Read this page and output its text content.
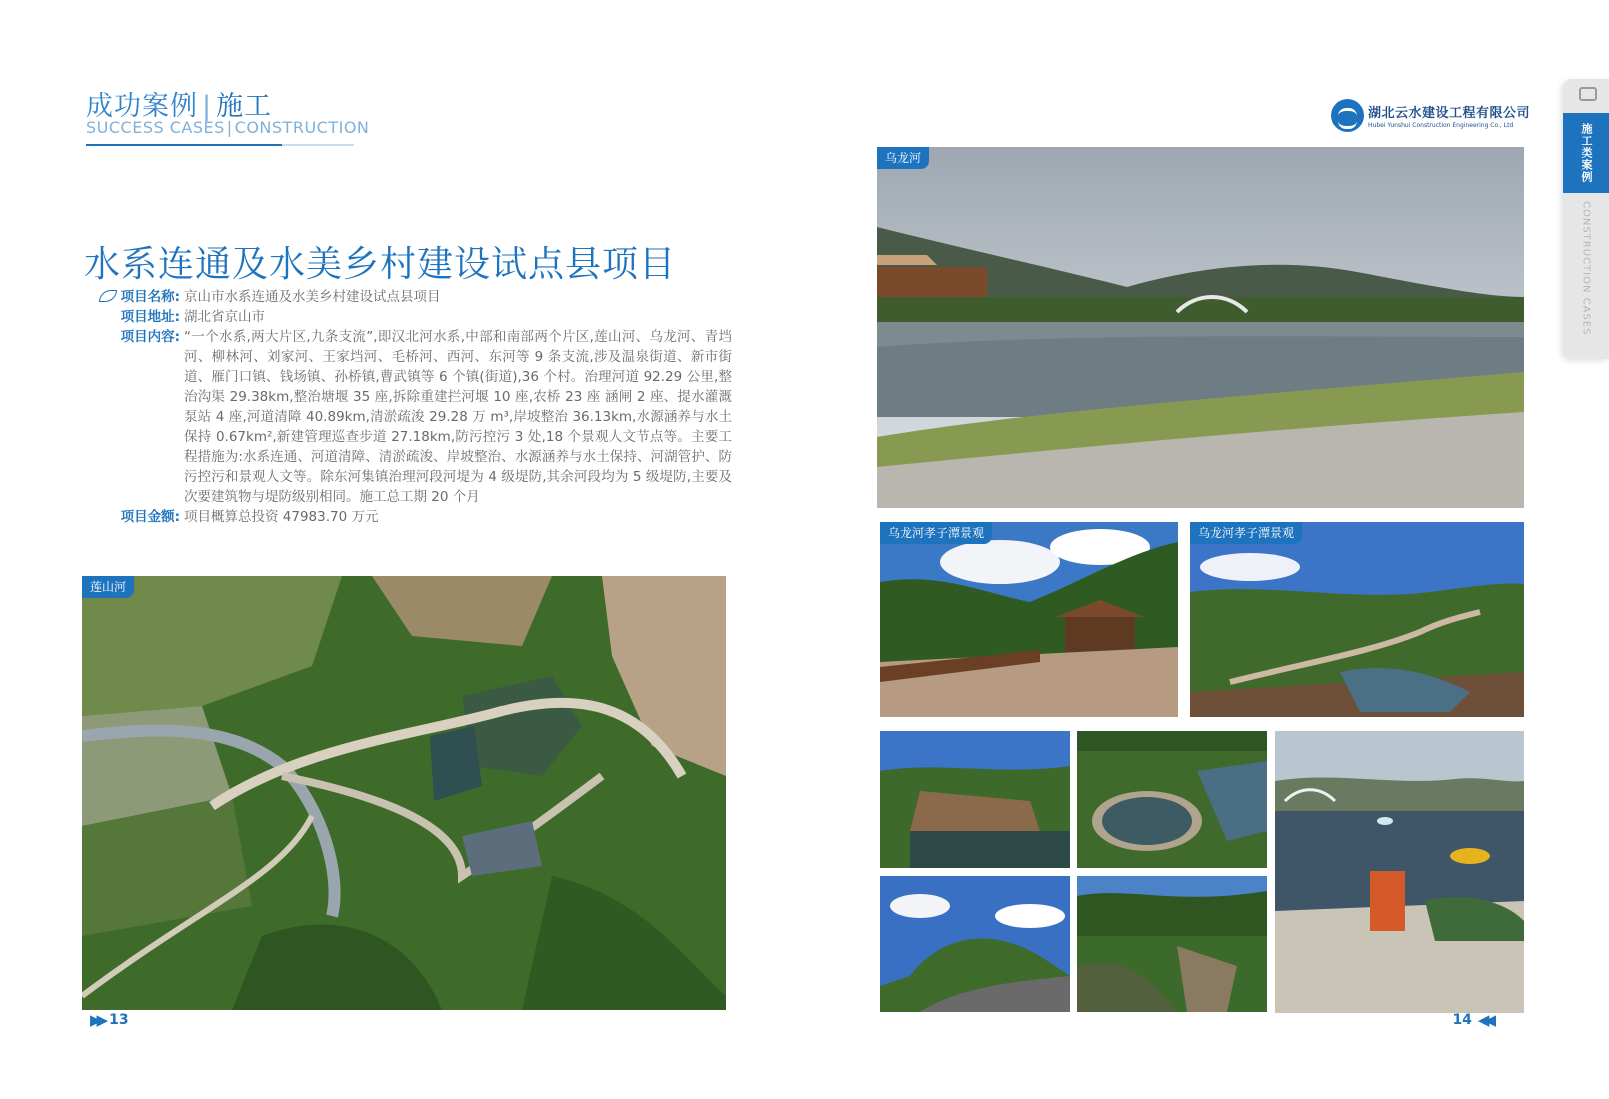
成功案例 | 施工
SUCCESS CASES | CONSTRUCTION
水系连通及水美乡村建设试点县项目
项目名称: 京山市水系连通及水美乡村建设试点县项目
项目地址: 湖北省京山市
项目内容: “一个水系,两大片区,九条支流”,即汉北河水系,中部和南部两个片区,莲山河、乌龙河、青垱河、柳林河、刘家河、王家垱河、毛桥河、西河、东河等 9 条支流,涉及温泉街道、新市街道、雁门口镇、钱场镇、孙桥镇,曹武镇等 6 个镇(街道),36 个村。治理河道 92.29 公里,整治沟渠 29.38km,整治塘堰 35 座,拆除重建拦河堰 10 座,农桥 23 座 涵闸 2 座、提水灌溉泵站 4 座,河道清障 40.89km,清淤疏浚 29.28 万 m³,岸坡整治 36.13km,水源涵养与水土保持 0.67km²,新建管理巡查步道 27.18km,防污控污 3 处,18 个景观人文节点等。主要工程措施为:水系连通、河道清障、清淤疏浚、岸坡整治、水源涵养与水土保持、河湖管护、防污控污和景观人文等。除东河集镇治理河段河堤为 4 级堤防,其余河段均为 5 级堤防,主要及次要建筑物与堤防级别相同。施工总工期 20 个月
项目金额: 项目概算总投资 47983.70 万元
莲山河
▶▶ 13
湖北云水建设工程有限公司
Hubei Yunshui Construction Engineering Co., Ltd	施工类案例
CONSTRUCTION CASES
乌龙河
乌龙河孝子潭景观	乌龙河孝子潭景观
14 ◀◀
